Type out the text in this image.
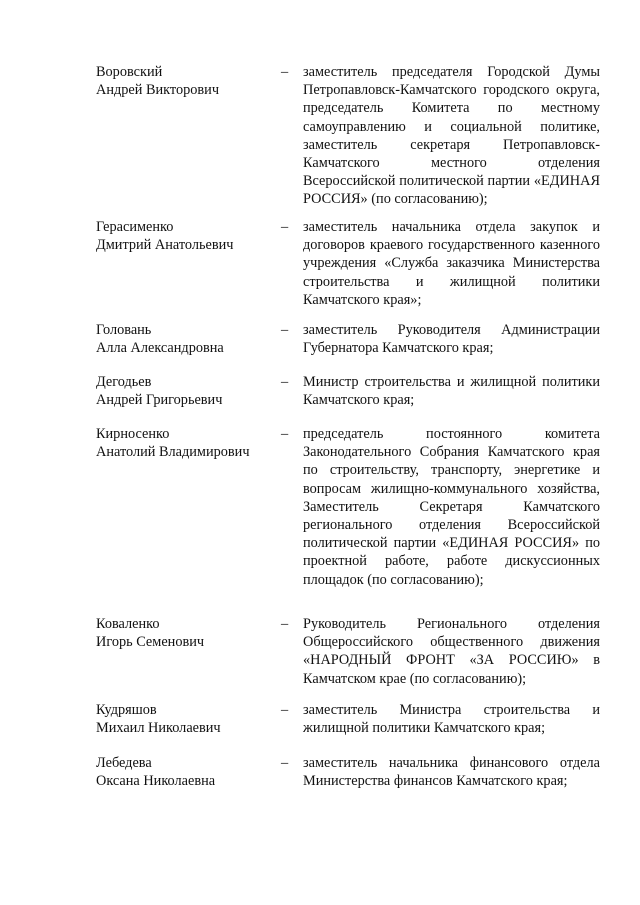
Воровский
Андрей Викторович
–	заместитель председателя Городской Думы Петропавловск-Камчатского городского округа, председатель Комитета по местному самоуправлению и социальной политике, заместитель секретаря Петропавловск-Камчатского местного отделения Всероссийской политической партии «ЕДИНАЯ РОССИЯ» (по согласованию);
Герасименко
Дмитрий Анатольевич
–	заместитель начальника отдела закупок и договоров краевого государственного казенного учреждения «Служба заказчика Министерства строительства и жилищной политики Камчатского края»;
Головань
Алла Александровна
–	заместитель Руководителя Администрации Губернатора Камчатского края;
Дегодьев
Андрей Григорьевич
–	Министр строительства и жилищной политики Камчатского края;
Кирносенко
Анатолий Владимирович
–	председатель постоянного комитета Законодательного Собрания Камчатского края по строительству, транспорту, энергетике и вопросам жилищно-коммунального хозяйства, Заместитель Секретаря Камчатского регионального отделения Всероссийской политической партии «ЕДИНАЯ РОССИЯ» по проектной работе, работе дискуссионных площадок (по согласованию);
Коваленко
Игорь Семенович
–	Руководитель Регионального отделения Общероссийского общественного движения «НАРОДНЫЙ ФРОНТ «ЗА РОССИЮ» в Камчатском крае (по согласованию);
Кудряшов
Михаил Николаевич
–	заместитель Министра строительства и жилищной политики Камчатского края;
Лебедева
Оксана Николаевна
–	заместитель начальника финансового отдела Министерства финансов Камчатского края;
